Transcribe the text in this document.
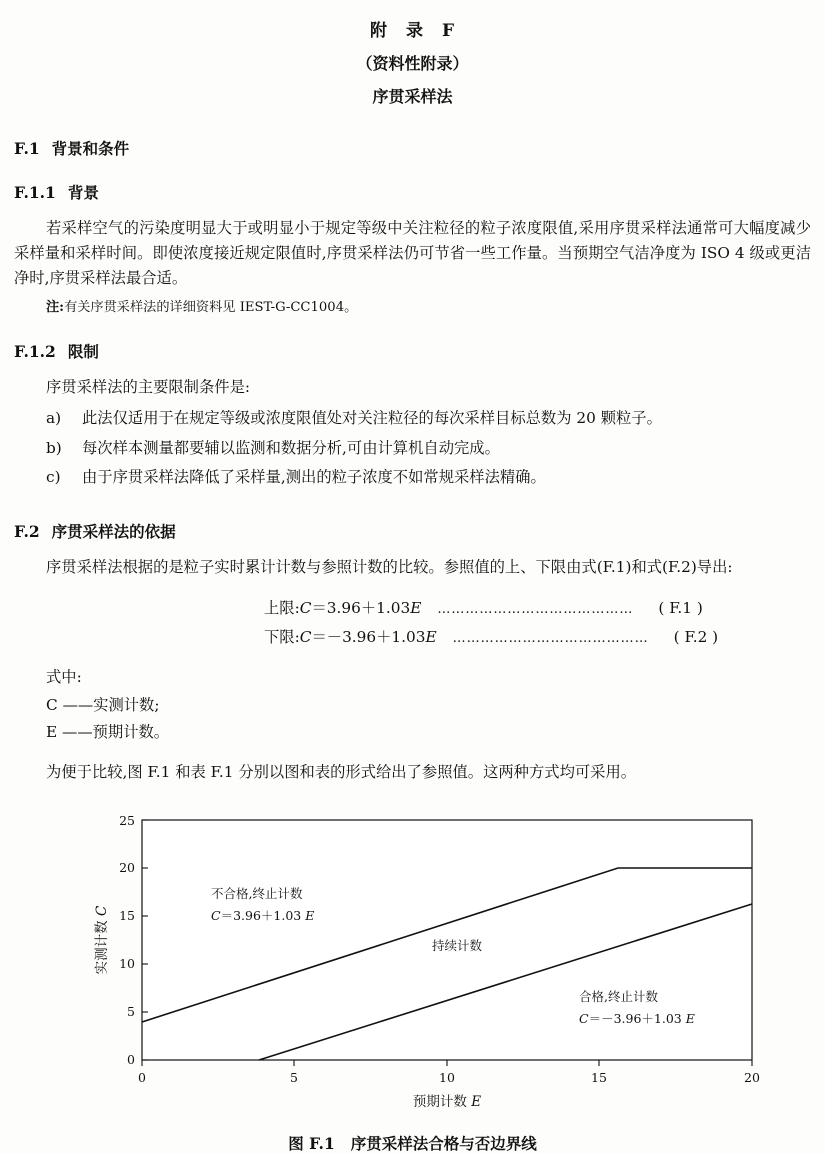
附　录　F
（资料性附录）
序贯采样法
F.1 背景和条件
F.1.1 背景

若采样空气的污染度明显大于或明显小于规定等级中关注粒径的粒子浓度限值,采用序贯采样法通常可大幅度减少采样量和采样时间。即使浓度接近规定限值时,序贯采样法仍可节省一些工作量。当预期空气洁净度为 ISO 4 级或更洁净时,序贯采样法最合适。

注:有关序贯采样法的详细资料见 IEST-G-CC1004。

F.1.2 限制

序贯采样法的主要限制条件是:

a) 此法仅适用于在规定等级或浓度限值处对关注粒径的每次采样目标总数为 20 颗粒子。
b) 每次样本测量都要辅以监测和数据分析,可由计算机自动完成。
c) 由于序贯采样法降低了采样量,测出的粒子浓度不如常规采样法精确。
F.2 序贯采样法的依据

序贯采样法根据的是粒子实时累计计数与参照计数的比较。参照值的上、下限由式(F.1)和式(F.2)导出:

上限:C＝3.96＋1.03E ……………………………………	( F.1 )
下限:C＝－3.96＋1.03E ……………………………………	( F.2 )
式中:
C ——实测计数;
E ——预期计数。

为便于比较,图 F.1 和表 F.1 分别以图和表的形式给出了参照值。这两种方式均可采用。

0
5
10
15
20
25
0	5	10	15	20
预期计数 E
实测计数 C
不合格,终止计数
C＝3.96＋1.03 E
持续计数
合格,终止计数
C＝－3.96＋1.03 E
图 F.1 序贯采样法合格与否边界线
